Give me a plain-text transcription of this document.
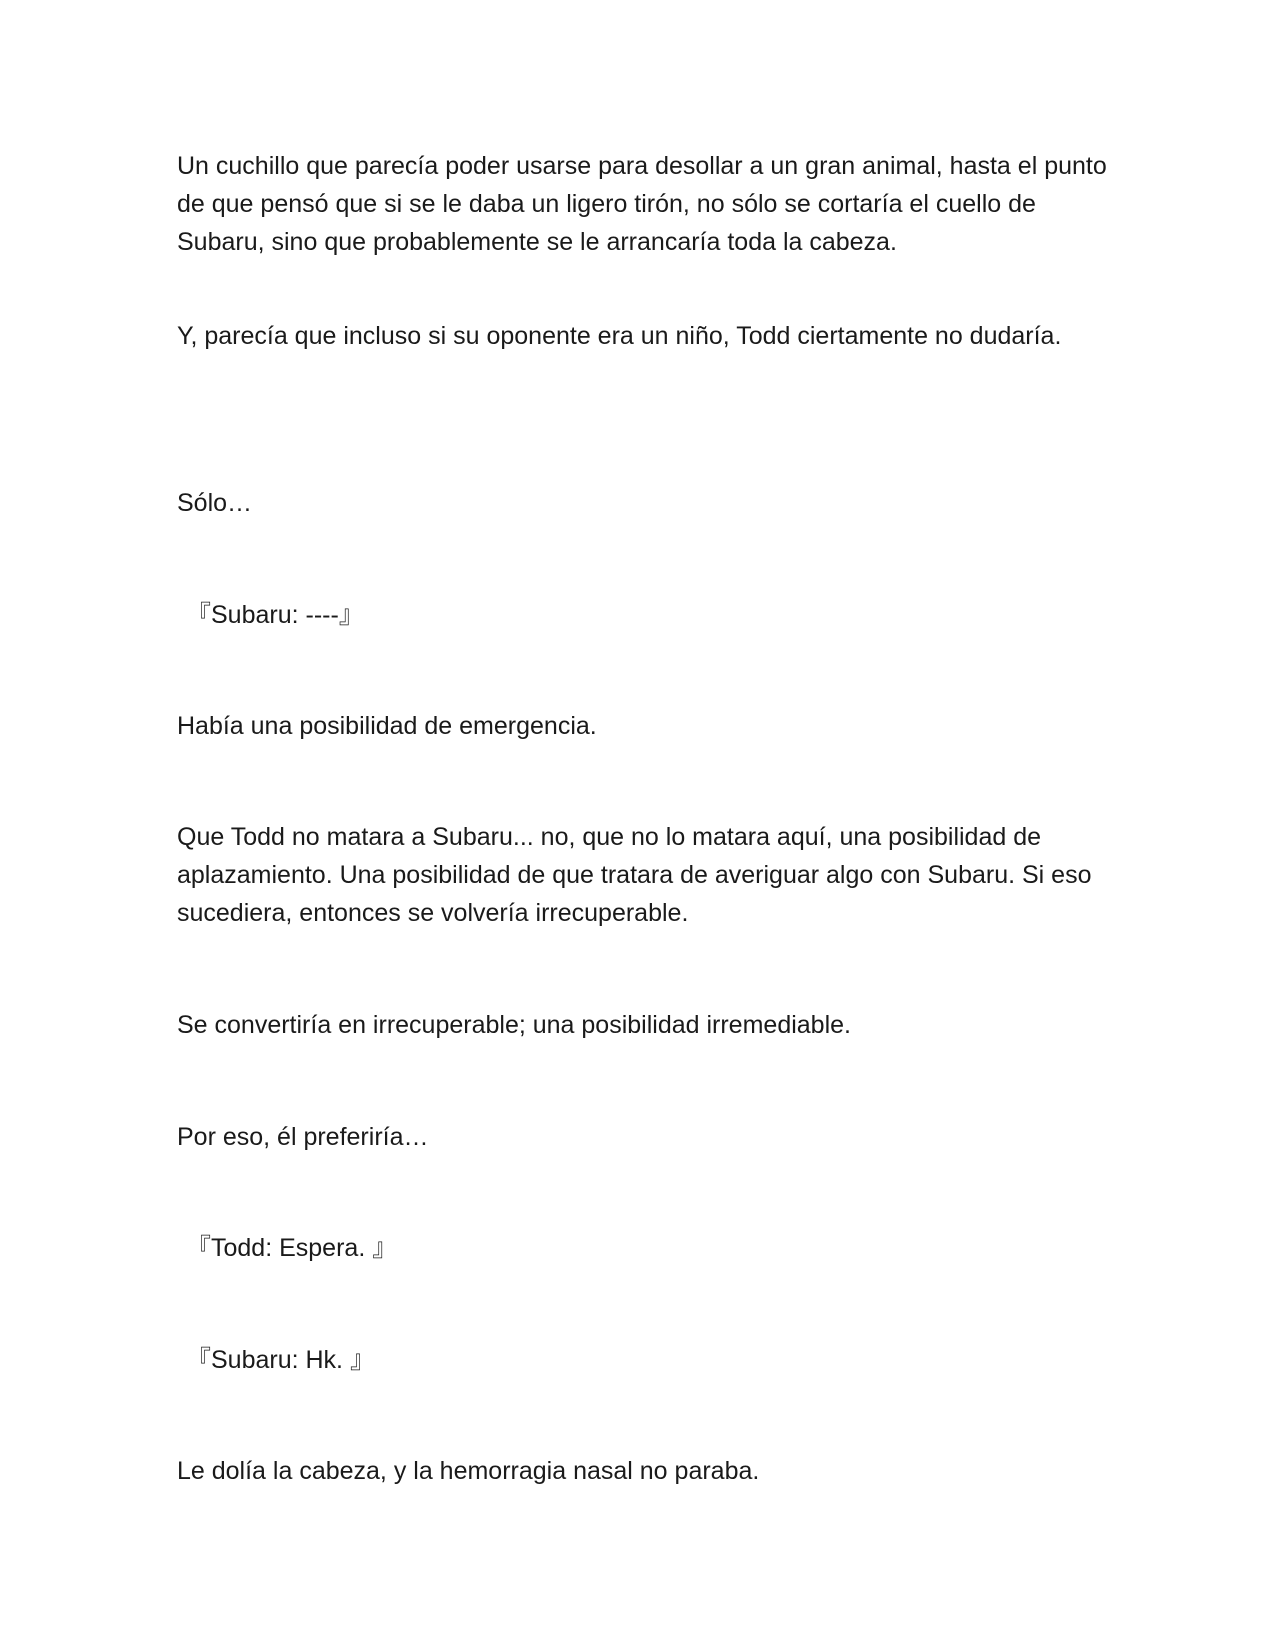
Un cuchillo que parecía poder usarse para desollar a un gran animal, hasta el punto de que pensó que si se le daba un ligero tirón, no sólo se cortaría el cuello de Subaru, sino que probablemente se le arrancaría toda la cabeza.

Y, parecía que incluso si su oponente era un niño, Todd ciertamente no dudaría.

Sólo…

『Subaru: ----』

Había una posibilidad de emergencia.

Que Todd no matara a Subaru... no, que no lo matara aquí, una posibilidad de aplazamiento. Una posibilidad de que tratara de averiguar algo con Subaru. Si eso sucediera, entonces se volvería irrecuperable.

Se convertiría en irrecuperable; una posibilidad irremediable.

Por eso, él preferiría…

『Todd: Espera. 』

『Subaru: Hk. 』

Le dolía la cabeza, y la hemorragia nasal no paraba.
